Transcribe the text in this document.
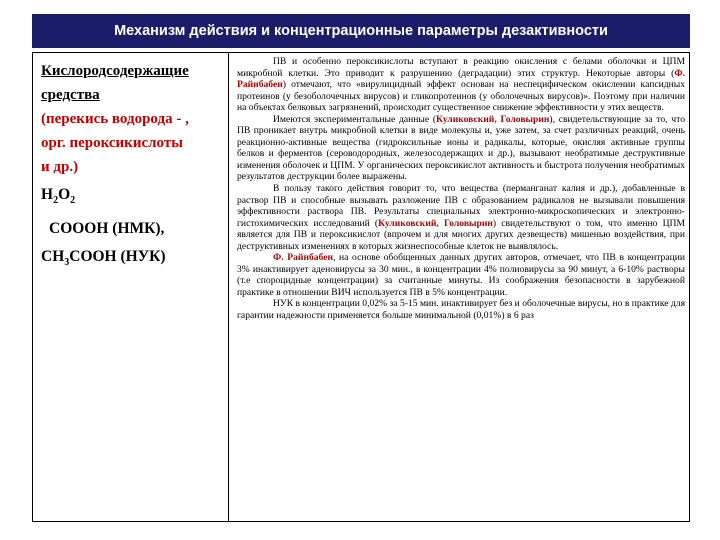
Механизм действия и концентрационные параметры дезактивности
Кислородсодержащие
средства
(перекись водорода - ,
орг. пероксикислоты
и др.)
$H_2O_2$
СООOH (НМК),
$CH_3COOH$ (НУК)

ПВ и особенно пероксикислоты вступают в реакцию окисления с белами оболочки и ЦПМ микробной клетки. Это приводит к разрушению (деградации) этих структур. Некоторые авторы (Ф. Райнбабен) отмечают, что «вирулицидный эффект основан на неспецифическом окислении капсидных протеинов (у безоболочечных вирусов) и гликопротеинов (у оболочечных вирусов)». Поэтому при наличии на объектах белковых загрязнений, происходит существенное снижение эффективности у этих веществ.

Имеются экспериментальные данные (Куликовский, Головырин), свидетельствующие за то, что ПВ проникает внутрь микробной клетки в виде молекулы и, уже затем, за счет различных реакций, очень реакционно-активные вещества (гидроксильные ионы и радикалы, которые, окисляя активные группы белков и ферментов (сероводородных, железосодержащих и др.), вызывают необратимые деструктивные изменения оболочек и ЦПМ. У органических пероксикислот активность и быстрота получения необратимых результатов деструкции более выражены.

В пользу такого действия говорит то, что вещества (перманганат калия и др.), добавленные в раствор ПВ и способные вызывать разложение ПВ с образованием радикалов не вызывали повышения эффективности раствора ПВ. Результаты специальных электронно-микроскопических и электронно-гистохимических исследований (Куликовский, Головырин) свидетельствуют о том, что именно ЦПМ является для ПВ и пероксикислот (впрочем и для многих других дезвеществ) мишенью воздействия, при деструктивных изменениях в которых жизнеспособные клеток не выявлялось.

Ф. Райнбабен, на основе обобщенных данных других авторов, отмечает, что ПВ в концентрации 3% инактивирует аденовирусы за 30 мин., в концентрации 4% полиовирусы за 90 минут, а 6-10% растворы (т.е спороцидные концентрации) за считанные минуты. Из соображения безопасности в зарубежной практике в отношении ВИЧ используется ПВ в 5% концентрации.

НУК в концентрации 0,02% за 5-15 мин. инактивирует без и оболочечные вирусы, но в практике для гарантии надежности применяется больше минимальной (0,01%) в 6 раз
